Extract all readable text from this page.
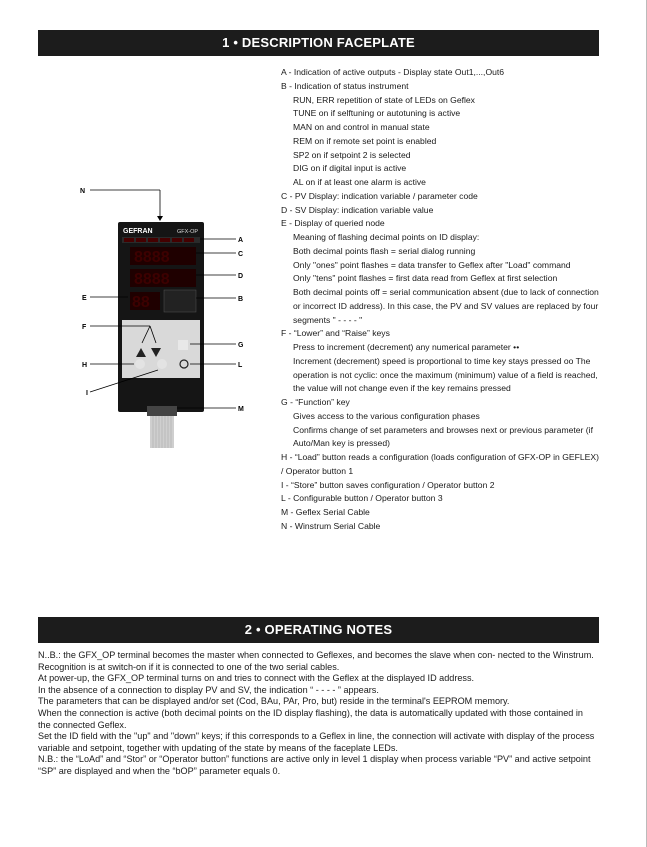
1 • DESCRIPTION FACEPLATE
GEFRAN	GFX-OP
8888
8888
88
A
C
D
B
E
F
G
H	L
I
M
N
A - Indication of active outputs - Display state Out1,...,Out6
B - Indication of status instrument
RUN, ERR repetition of state of LEDs on Geflex
TUNE on if selftuning or autotuning is active
MAN on and control in manual state
REM on if remote set point is enabled
SP2 on if setpoint 2 is selected
DIG on if digital input is active
AL on if at least one alarm is active
C - PV Display: indication variable / parameter code
D - SV Display: indication variable value
E - Display of queried node
Meaning of flashing decimal points on ID display:
Both decimal points flash = serial dialog running
Only "ones" point flashes = data transfer to Geflex after "Load" command
Only "tens" point flashes = first data read from Geflex at first selection
Both decimal points off = serial communication absent (due to lack of connection or incorrect ID address). In this case, the PV and SV values are replaced by four segments " - - - - "
F - “Lower” and “Raise” keys
Press to increment (decrement) any numerical parameter ••
Increment (decrement) speed is proportional to time key stays pressed oo The operation is not cyclic: once the maximum (minimum) value of a field is reached, the value will not change even if the key remains pressed
G - “Function” key
Gives access to the various configuration phases
Confirms change of set parameters and browses next or previous parameter (if Auto/Man key is pressed)
H - “Load” button reads a configuration (loads configuration of GFX-OP in GEFLEX) / Operator button 1
I - “Store” button saves configuration / Operator button 2
L - Configurable button / Operator button 3
M - Geflex Serial Cable
N - Winstrum Serial Cable
2 • OPERATING NOTES

N..B.: the GFX_OP terminal becomes the master when connected to Geflexes, and becomes the slave when con- nected to the Winstrum.

Recognition is at switch-on if it is connected to one of the two serial cables.

At power-up, the GFX_OP terminal turns on and tries to connect with the Geflex at the displayed ID address.

In the absence of a connection to display PV and SV, the indication “ - - - - ” appears.

The parameters that can be displayed and/or set (Cod, BAu, PAr, Pro, but) reside in the terminal's EEPROM memory.

When the connection is active (both decimal points on the ID display flashing), the data is automatically updated with those contained in the connected Geflex.

Set the ID field with the "up" and "down" keys; if this corresponds to a Geflex in line, the connection will activate with display of the process variable and setpoint, together with updating of the state by means of the faceplate LEDs.

N.B.: the “LoAd” and “Stor” or “Operator button” functions are active only in level 1 display when process variable “PV” and active setpoint “SP” are displayed and when the “bOP” parameter equals 0.
